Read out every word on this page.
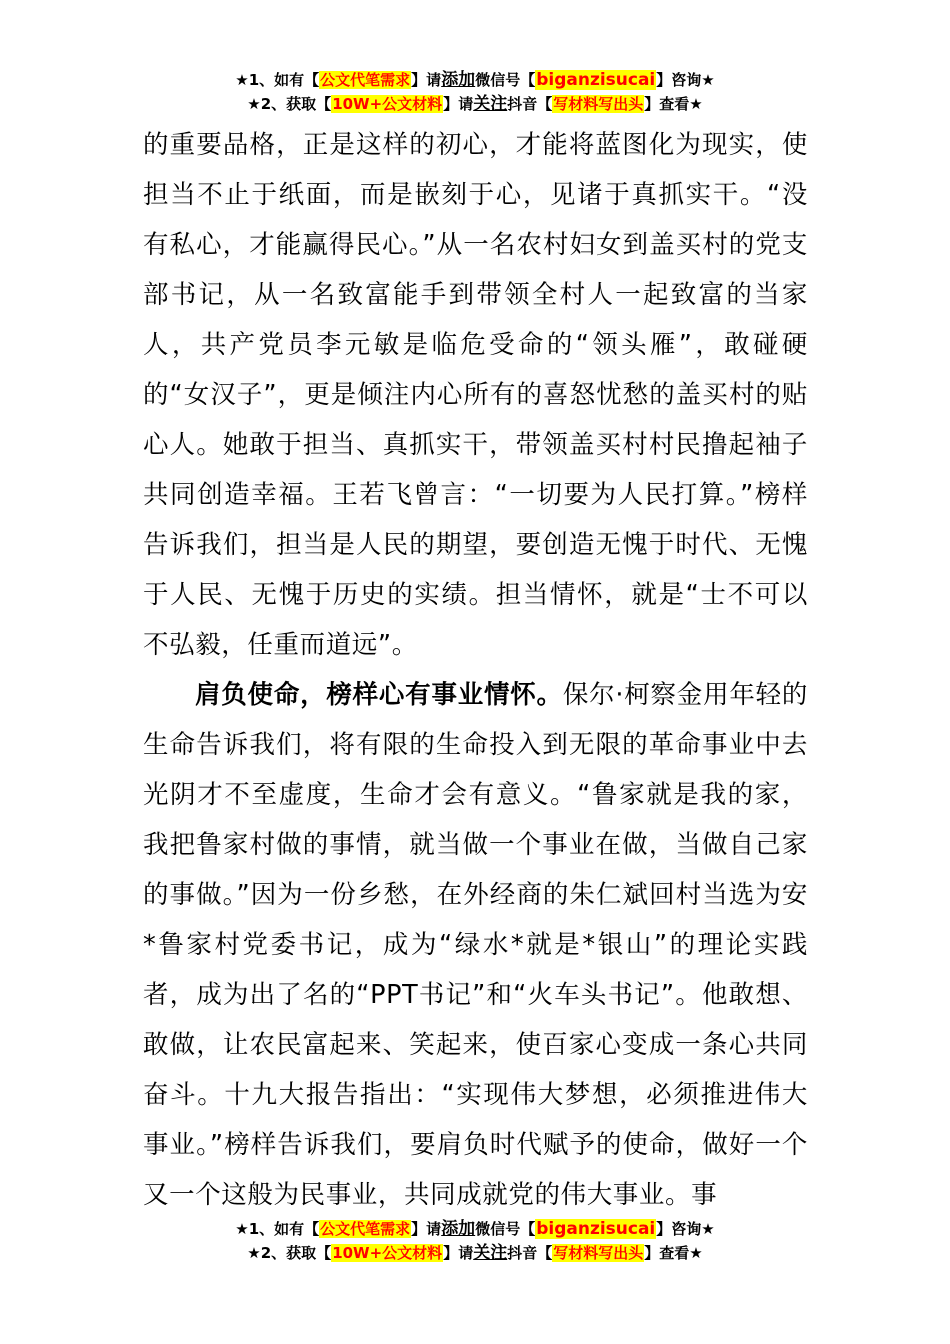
★1、如有【公文代笔需求】请添加微信号【biganzisucai】咨询★
★2、获取【10W+公文材料】请关注抖音【写材料写出头】查看★

的重要品格，正是这样的初心，才能将蓝图化为现实，使担当不止于纸面，而是嵌刻于心，见诸于真抓实干。“没有私心，才能赢得民心。”从一名农村妇女到盖买村的党支部书记，从一名致富能手到带领全村人一起致富的当家人，共产党员李元敏是临危受命的“领头雁”，敢碰硬的“女汉子”，更是倾注内心所有的喜怒忧愁的盖买村的贴心人。她敢于担当、真抓实干，带领盖买村村民撸起袖子共同创造幸福。王若飞曾言：“一切要为人民打算。”榜样告诉我们，担当是人民的期望，要创造无愧于时代、无愧于人民、无愧于历史的实绩。担当情怀，就是“士不可以不弘毅，任重而道远”。

肩负使命，榜样心有事业情怀。保尔·柯察金用年轻的生命告诉我们，将有限的生命投入到无限的革命事业中去光阴才不至虚度，生命才会有意义。“鲁家就是我的家，我把鲁家村做的事情，就当做一个事业在做，当做自己家的事做。”因为一份乡愁，在外经商的朱仁斌回村当选为安*鲁家村党委书记，成为“绿水*就是*银山”的理论实践者，成为出了名的“PPT书记”和“火车头书记”。他敢想、敢做，让农民富起来、笑起来，使百家心变成一条心共同奋斗。十九大报告指出：“实现伟大梦想，必须推进伟大事业。”榜样告诉我们，要肩负时代赋予的使命，做好一个又一个这般为民事业，共同成就党的伟大事业。事

★1、如有【公文代笔需求】请添加微信号【biganzisucai】咨询★
★2、获取【10W+公文材料】请关注抖音【写材料写出头】查看★
